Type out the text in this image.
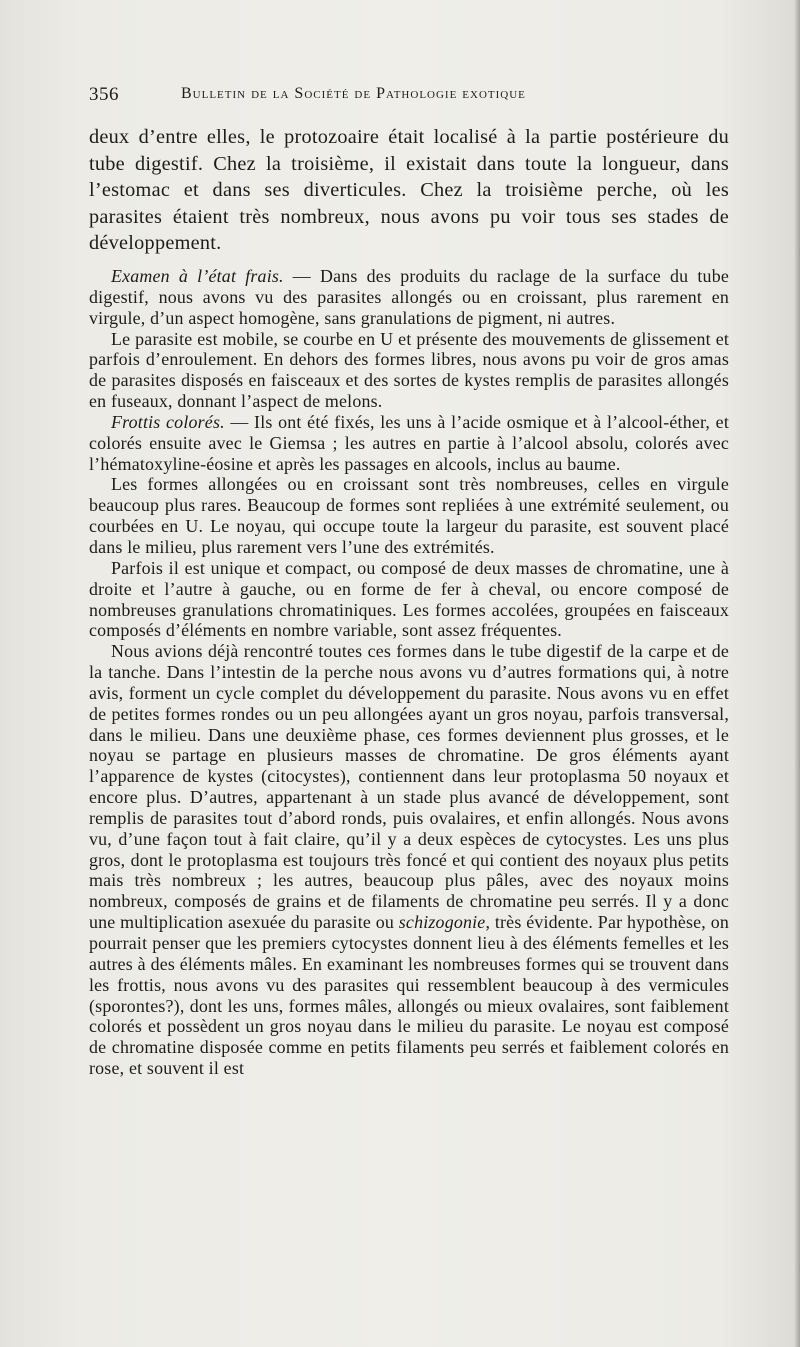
356	Bulletin de la Société de Pathologie exotique

deux d’entre elles, le protozoaire était localisé à la partie postérieure du tube digestif. Chez la troisième, il existait dans toute la longueur, dans l’estomac et dans ses diverticules. Chez la troisième perche, où les parasites étaient très nombreux, nous avons pu voir tous ses stades de développement.

Examen à l’état frais. — Dans des produits du raclage de la surface du tube digestif, nous avons vu des parasites allongés ou en croissant, plus rarement en virgule, d’un aspect homogène, sans granulations de pigment, ni autres.

Le parasite est mobile, se courbe en U et présente des mouvements de glissement et parfois d’enroulement. En dehors des formes libres, nous avons pu voir de gros amas de parasites disposés en faisceaux et des sortes de kystes remplis de parasites allongés en fuseaux, donnant l’aspect de melons.

Frottis colorés. — Ils ont été fixés, les uns à l’acide osmique et à l’alcool-éther, et colorés ensuite avec le Giemsa ; les autres en partie à l’alcool absolu, colorés avec l’hématoxyline-éosine et après les passages en alcools, inclus au baume.

Les formes allongées ou en croissant sont très nombreuses, celles en virgule beaucoup plus rares. Beaucoup de formes sont repliées à une extrémité seulement, ou courbées en U. Le noyau, qui occupe toute la largeur du parasite, est souvent placé dans le milieu, plus rarement vers l’une des extrémités.

Parfois il est unique et compact, ou composé de deux masses de chromatine, une à droite et l’autre à gauche, ou en forme de fer à cheval, ou encore composé de nombreuses granulations chromatiniques. Les formes accolées, groupées en faisceaux composés d’éléments en nombre variable, sont assez fréquentes.

Nous avions déjà rencontré toutes ces formes dans le tube digestif de la carpe et de la tanche. Dans l’intestin de la perche nous avons vu d’autres formations qui, à notre avis, forment un cycle complet du développement du parasite. Nous avons vu en effet de petites formes rondes ou un peu allongées ayant un gros noyau, parfois transversal, dans le milieu. Dans une deuxième phase, ces formes deviennent plus grosses, et le noyau se partage en plusieurs masses de chromatine. De gros éléments ayant l’apparence de kystes (citocystes), contiennent dans leur protoplasma 50 noyaux et encore plus. D’autres, appartenant à un stade plus avancé de développement, sont remplis de parasites tout d’abord ronds, puis ovalaires, et enfin allongés. Nous avons vu, d’une façon tout à fait claire, qu’il y a deux espèces de cytocystes. Les uns plus gros, dont le protoplasma est toujours très foncé et qui contient des noyaux plus petits mais très nombreux ; les autres, beaucoup plus pâles, avec des noyaux moins nombreux, composés de grains et de filaments de chromatine peu serrés. Il y a donc une multiplication asexuée du parasite ou schizogonie, très évidente. Par hypothèse, on pourrait penser que les premiers cytocystes donnent lieu à des éléments femelles et les autres à des éléments mâles. En examinant les nombreuses formes qui se trouvent dans les frottis, nous avons vu des parasites qui ressemblent beaucoup à des vermicules (sporontes?), dont les uns, formes mâles, allongés ou mieux ovalaires, sont faiblement colorés et possèdent un gros noyau dans le milieu du parasite. Le noyau est composé de chromatine disposée comme en petits filaments peu serrés et faiblement colorés en rose, et souvent il est
